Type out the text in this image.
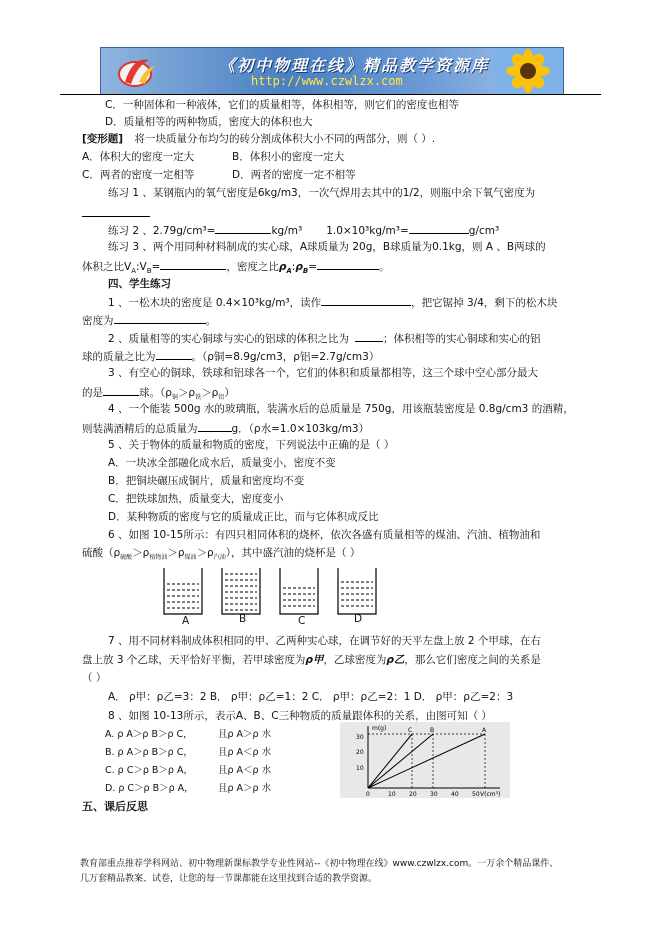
《初中物理在线》精品教学资源库
http://www.czwlzx.com
C．一种固体和一种液体，它们的质量相等，体积相等，则它们的密度也相等
D．质量相等的两种物质，密度大的体积也大
[变形题] 将一块质量分布均匀的砖分割成体积大小不同的两部分，则（ ）.
A．体积大的密度一定大	B．体积小的密度一定大
C．两者的密度一定相等	D．两者的密度一定不相等
练习 1 、某钢瓶内的氧气密度是6kg/m3，一次气焊用去其中的1/2，则瓶中余下氧气密度为
练习 2 、2.79g/cm³=	kg/m³ 1.0×10³kg/m³=	g/cm³
练习 3 、两个用同种材料制成的实心球，A球质量为 20g，B球质量为0.1kg，则 A 、B两球的
体积之比$V_A:V_B=$	，密度之比$\rho_A:\rho_B=$	。
四、学生练习
1 、一松木块的密度是 0.4×10³kg/m³，读作	，把它锯掉 3/4，剩下的松木块
密度为	。
2 、质量相等的实心铜球与实心的铝球的体积之比为	；体积相等的实心铜球和实心的铝
球的质量之比为	。（ρ铜=8.9g/cm3，ρ铝=2.7g/cm3）
3 、有空心的铜球，铁球和铝球各一个，它们的体积和质量都相等，这三个球中空心部分最大
的是	球。$(\rho_铜>\rho_铁>\rho_铝)$
4 、一个能装 500g 水的玻璃瓶，装满水后的总质量是 750g，用该瓶装密度是 0.8g/cm3 的酒精，
则装满酒精后的总质量为	g．（ρ水=1.0×103kg/m3）
5 、关于物体的质量和物质的密度，下列说法中正确的是（ ）
A．一块冰全部融化成水后，质量变小，密度不变
B．把铜块碾压成铜片，质量和密度均不变
C．把铁球加热，质量变大，密度变小
D．某种物质的密度与它的质量成正比，而与它体积成反比
6 、如图 10-15所示：有四只相同体积的烧杯，依次各盛有质量相等的煤油、汽油、植物油和
硫酸$(\rho_{硫酸}>\rho_{植物油}>\rho_{煤油}>\rho_{汽油})$，其中盛汽油的烧杯是（ ）
A	B	C	D
7 、用不同材料制成体积相同的甲、乙两种实心球，在调节好的天平左盘上放 2 个甲球，在右
盘上放 3 个乙球，天平恰好平衡，若甲球密度为ρ甲，乙球密度为ρ乙，那么它们密度之间的关系是
（ ）
A． ρ甲：ρ乙=3：2 B． ρ甲：ρ乙=1：2 C． ρ甲：ρ乙=2：1 D． ρ甲：ρ乙=2：3
8 、如图 10-13所示，表示A、B、C三种物质的质量跟体积的关系，由图可知（ ）
A. ρ A＞ρ B＞ρ C，	且ρ A＞ρ 水
B. ρ A＞ρ B＞ρ C，	且ρ A＜ρ 水
C. ρ C＞ρ B＞ρ A，	且ρ A＜ρ 水
D. ρ C＞ρ B＞ρ A，	且ρ A＞ρ 水
m(g)
V(cm³)
10
20
30
0	10 20 30 40 50
C	B	A
五、课后反思
教育部重点推荐学科网站、初中物理新课标教学专业性网站--《初中物理在线》www.czwlzx.com。一万余个精品课件、
几万套精品教案、试卷，让您的每一节课都能在这里找到合适的教学资源。
